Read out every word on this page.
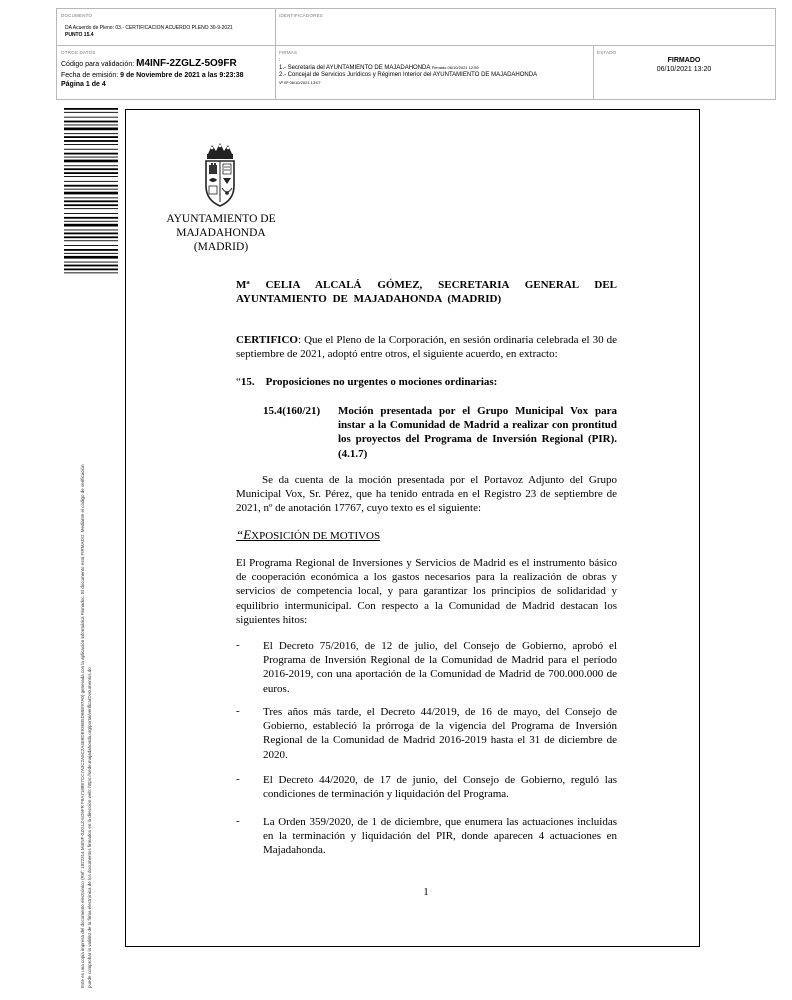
DOCUMENTO
DA Acuerdo de Pleno: 03.- CERTIFICACION ACUERDO PLENO 30-9-2021
PUNTO 15.4
IDENTIFICADORES
OTROS DATOS
Código para validación: M4INF-2ZGLZ-5O9FR
Fecha de emisión: 9 de Noviembre de 2021 a las 9:23:38
Página 1 de 4
FIRMAS
:
1.- Secretaria del AYUNTAMIENTO DE MAJADAHONDA Firmado 06/10/2021 12:59
2.- Concejal de Servicios Jurídicos y Régimen Interior del AYUNTAMIENTO DE MAJADAHONDA
Vº Bº 06/10/2021 13:07
ESTADO
FIRMADO
06/10/2021 13:20
Este es una copia impresa del documento electrónico (Ref: 1822314 M4INF-2ZGLZ-5O9FR F8A7188E7CC7A3C2A5C2A4E8DE936B5D6BE97A0) generada con la aplicación informática Firmadoc. El documento está FIRMADO. Mediante el código de verificación puede comprobar la validez de la firma electrónica de los documentos firmados en la dirección web: https://sede.majadahonda.org/portal/verificarDocumentos.do
AYUNTAMIENTO DE
MAJADAHONDA
(MADRID)
Mª CELIA ALCALÁ GÓMEZ, SECRETARIA GENERAL DEL AYUNTAMIENTO DE MAJADAHONDA (MADRID)
CERTIFICO: Que el Pleno de la Corporación, en sesión ordinaria celebrada el 30 de septiembre de 2021, adoptó entre otros, el siguiente acuerdo, en extracto:
“15.    Proposiciones no urgentes o mociones ordinarias:
15.4(160/21)	Moción presentada por el Grupo Municipal Vox para instar a la Comunidad de Madrid a realizar con prontitud los proyectos del Programa de Inversión Regional (PIR). (4.1.7)
Se da cuenta de la moción presentada por el Portavoz Adjunto del Grupo Municipal Vox, Sr. Pérez, que ha tenido entrada en el Registro 23 de septiembre de 2021, nº de anotación 17767, cuyo texto es el siguiente:
“EXPOSICIÓN DE MOTIVOS
El Programa Regional de Inversiones y Servicios de Madrid es el instrumento básico de cooperación económica a los gastos necesarios para la realización de obras y servicios de competencia local, y para garantizar los principios de solidaridad y equilibrio intermunicipal. Con respecto a la Comunidad de Madrid destacan los siguientes hitos:
- El Decreto 75/2016, de 12 de julio, del Consejo de Gobierno, aprobó el Programa de Inversión Regional de la Comunidad de Madrid para el período 2016-2019, con una aportación de la Comunidad de Madrid de 700.000.000 de euros.
- Tres años más tarde, el Decreto 44/2019, de 16 de mayo, del Consejo de Gobierno, estableció la prórroga de la vigencia del Programa de Inversión Regional de la Comunidad de Madrid 2016-2019 hasta el 31 de diciembre de 2020.
- El Decreto 44/2020, de 17 de junio, del Consejo de Gobierno, reguló las condiciones de terminación y liquidación del Programa.
- La Orden 359/2020, de 1 de diciembre, que enumera las actuaciones incluidas en la terminación y liquidación del PIR, donde aparecen 4 actuaciones en Majadahonda.
1
